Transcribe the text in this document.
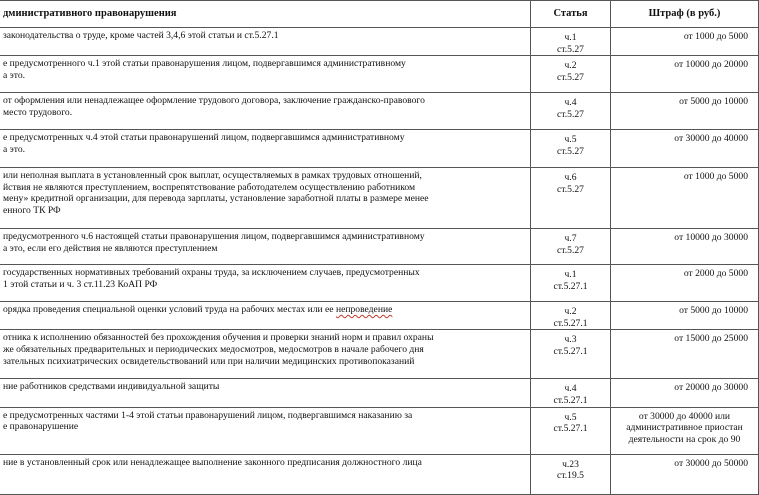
дминистративного правонарушения	Статья	Штраф (в руб.)

законодательства о труде, кроме частей 3,4,6 этой статьи и ст.5.27.1	ч.1
ст.5.27	от 1000 до 5000

е предусмотренного ч.1 этой статьи правонарушения лицом, подвергавшимся административному
а это.	ч.2
ст.5.27	от 10000 до 20000

от оформления или ненадлежащее оформление трудового договора, заключение гражданско-правового
место трудового.	ч.4
ст.5.27	от 5000 до 10000

е предусмотренных ч.4 этой статьи правонарушений лицом, подвергавшимся административному
а это.	ч.5
ст.5.27	от 30000 до 40000

или неполная выплата в установленный срок выплат, осуществляемых в рамках трудовых отношений,
йствия не являются преступлением, воспрепятствование работодателем осуществлению работником
мену» кредитной организации, для перевода зарплаты, установление заработной платы в размере менее
енного ТК РФ	ч.6
ст.5.27	от 1000 до 5000

предусмотренного ч.6 настоящей статьи правонарушения лицом, подвергавшимся административному
а это, если его действия не являются преступлением	ч.7
ст.5.27	от 10000 до 30000

государственных нормативных требований охраны труда, за исключением случаев, предусмотренных
1 этой статьи и ч. 3 ст.11.23 КоАП РФ	ч.1
ст.5.27.1	от 2000 до 5000

орядка проведения специальной оценки условий труда на рабочих местах или ее непроведение	ч.2
ст.5.27.1	от 5000 до 10000

отника к исполнению обязанностей без прохождения обучения и проверки знаний норм и правил охраны
же обязательных предварительных и периодических медосмотров, медосмотров в начале рабочего дня
зательных психиатрических освидетельствований или при наличии медицинских противопоказаний	ч.3
ст.5.27.1	от 15000 до 25000

ние работников средствами индивидуальной защиты	ч.4
ст.5.27.1	от 20000 до 30000

е предусмотренных частями 1-4 этой статьи правонарушений лицом, подвергавшимся наказанию за
е правонарушение	ч.5
ст.5.27.1	от 30000 до 40000 или
административное приостан
деятельности на срок до 90

ние в установленный срок или ненадлежащее выполнение законного предписания должностного лица	ч.23
ст.19.5	от 30000 до 50000
